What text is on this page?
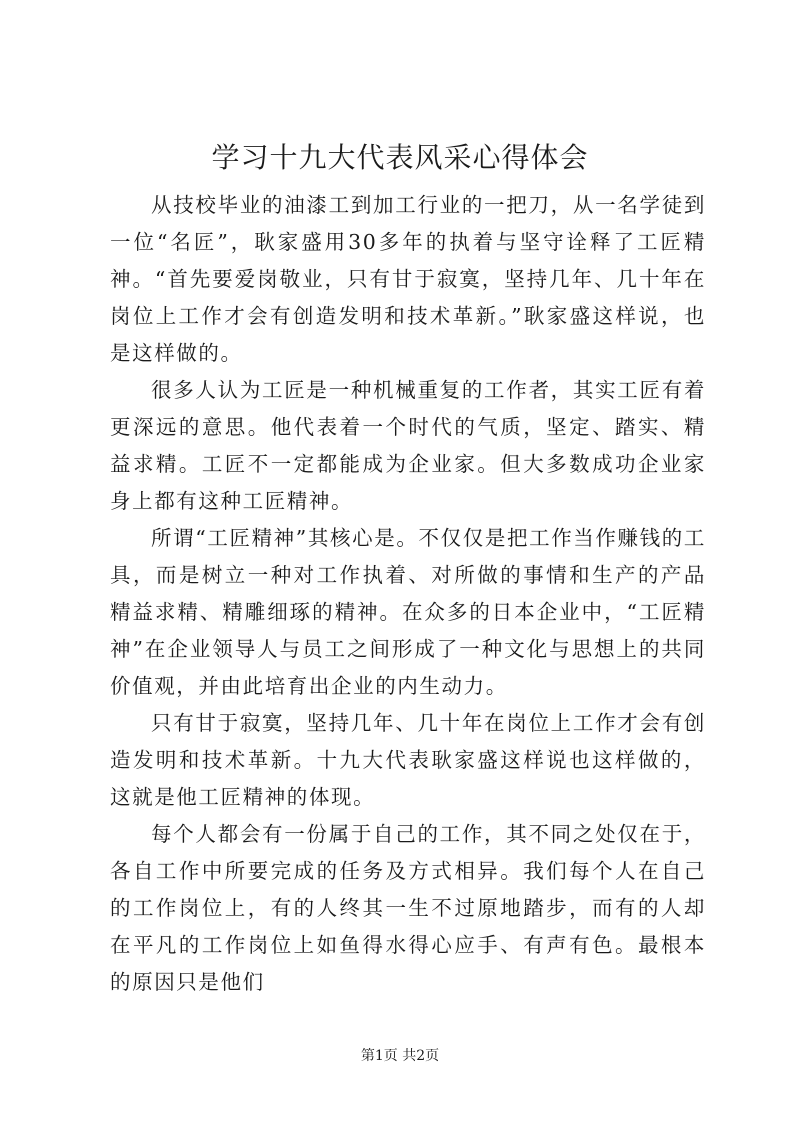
学习十九大代表风采心得体会

从技校毕业的油漆工到加工行业的一把刀，从一名学徒到一位“名匠”，耿家盛用30多年的执着与坚守诠释了工匠精神。“首先要爱岗敬业，只有甘于寂寞，坚持几年、几十年在岗位上工作才会有创造发明和技术革新。”耿家盛这样说，也是这样做的。

很多人认为工匠是一种机械重复的工作者，其实工匠有着更深远的意思。他代表着一个时代的气质，坚定、踏实、精益求精。工匠不一定都能成为企业家。但大多数成功企业家身上都有这种工匠精神。

所谓“工匠精神”其核心是。不仅仅是把工作当作赚钱的工具，而是树立一种对工作执着、对所做的事情和生产的产品精益求精、精雕细琢的精神。在众多的日本企业中，“工匠精神”在企业领导人与员工之间形成了一种文化与思想上的共同价值观，并由此培育出企业的内生动力。

只有甘于寂寞，坚持几年、几十年在岗位上工作才会有创造发明和技术革新。十九大代表耿家盛这样说也这样做的，这就是他工匠精神的体现。

每个人都会有一份属于自己的工作，其不同之处仅在于，各自工作中所要完成的任务及方式相异。我们每个人在自己的工作岗位上，有的人终其一生不过原地踏步，而有的人却在平凡的工作岗位上如鱼得水得心应手、有声有色。最根本的原因只是他们

第1页 共2页
